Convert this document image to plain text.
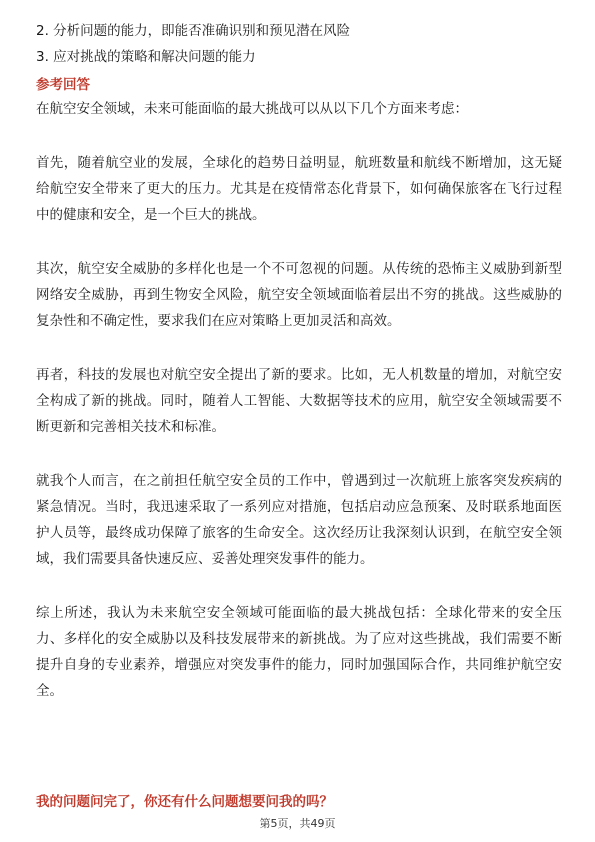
2. 分析问题的能力，即能否准确识别和预见潜在风险
3. 应对挑战的策略和解决问题的能力
参考回答

在航空安全领域，未来可能面临的最大挑战可以从以下几个方面来考虑：

首先，随着航空业的发展，全球化的趋势日益明显，航班数量和航线不断增加，这无疑给航空安全带来了更大的压力。尤其是在疫情常态化背景下，如何确保旅客在飞行过程中的健康和安全，是一个巨大的挑战。

其次，航空安全威胁的多样化也是一个不可忽视的问题。从传统的恐怖主义威胁到新型网络安全威胁，再到生物安全风险，航空安全领域面临着层出不穷的挑战。这些威胁的复杂性和不确定性，要求我们在应对策略上更加灵活和高效。

再者，科技的发展也对航空安全提出了新的要求。比如，无人机数量的增加，对航空安全构成了新的挑战。同时，随着人工智能、大数据等技术的应用，航空安全领域需要不断更新和完善相关技术和标准。

就我个人而言，在之前担任航空安全员的工作中，曾遇到过一次航班上旅客突发疾病的紧急情况。当时，我迅速采取了一系列应对措施，包括启动应急预案、及时联系地面医护人员等，最终成功保障了旅客的生命安全。这次经历让我深刻认识到，在航空安全领域，我们需要具备快速反应、妥善处理突发事件的能力。

综上所述，我认为未来航空安全领域可能面临的最大挑战包括：全球化带来的安全压力、多样化的安全威胁以及科技发展带来的新挑战。为了应对这些挑战，我们需要不断提升自身的专业素养，增强应对突发事件的能力，同时加强国际合作，共同维护航空安全。

我的问题问完了，你还有什么问题想要问我的吗？
第5页，共49页
